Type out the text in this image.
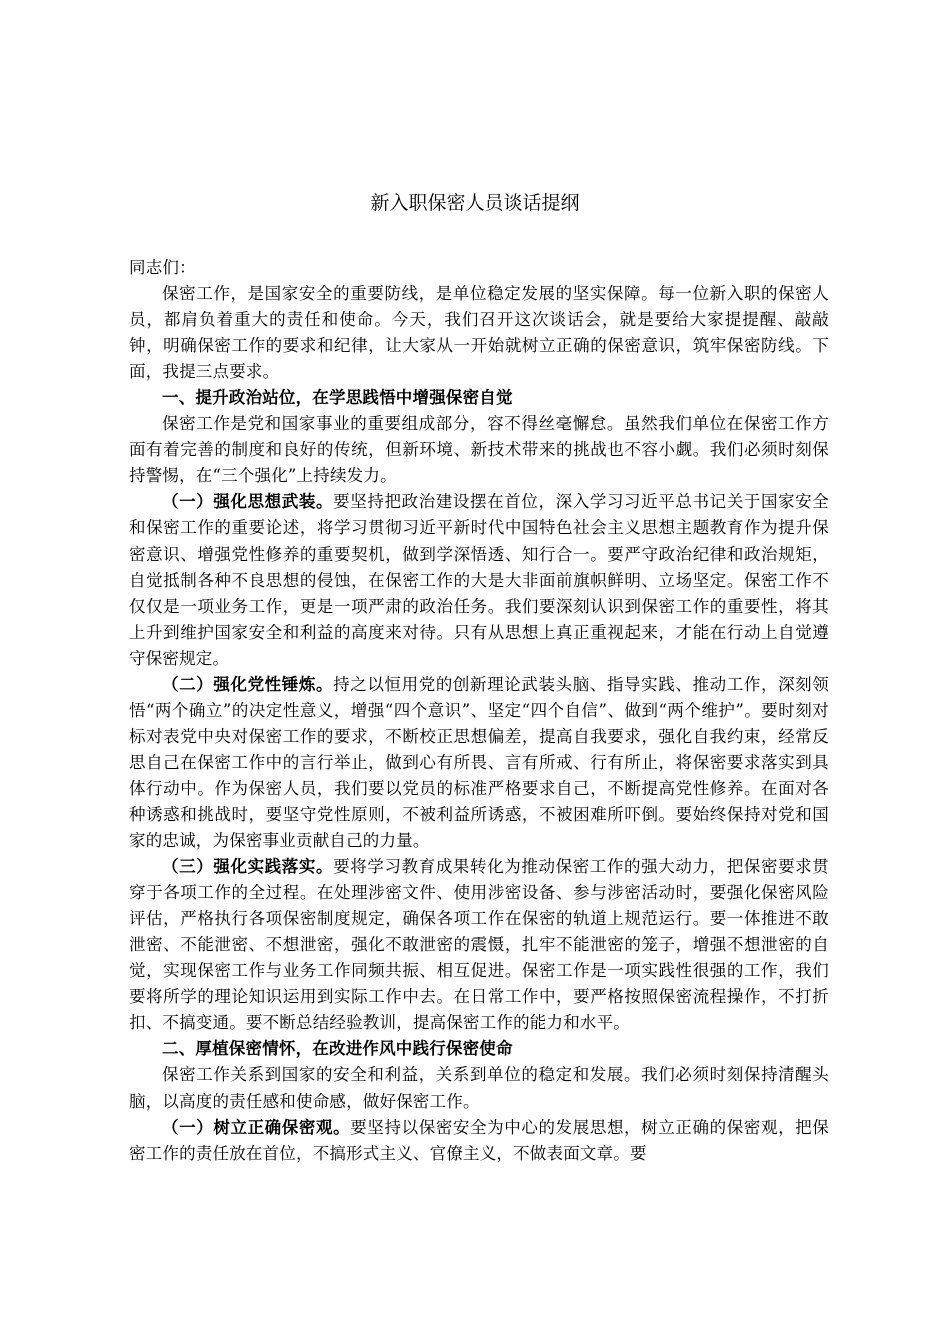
新入职保密人员谈话提纲

同志们：

保密工作，是国家安全的重要防线，是单位稳定发展的坚实保障。每一位新入职的保密人员，都肩负着重大的责任和使命。今天，我们召开这次谈话会，就是要给大家提提醒、敲敲钟，明确保密工作的要求和纪律，让大家从一开始就树立正确的保密意识，筑牢保密防线。下面，我提三点要求。

一、提升政治站位，在学思践悟中增强保密自觉

保密工作是党和国家事业的重要组成部分，容不得丝毫懈怠。虽然我们单位在保密工作方面有着完善的制度和良好的传统，但新环境、新技术带来的挑战也不容小觑。我们必须时刻保持警惕，在“三个强化”上持续发力。

（一）强化思想武装。要坚持把政治建设摆在首位，深入学习习近平总书记关于国家安全和保密工作的重要论述，将学习贯彻习近平新时代中国特色社会主义思想主题教育作为提升保密意识、增强党性修养的重要契机，做到学深悟透、知行合一。要严守政治纪律和政治规矩，自觉抵制各种不良思想的侵蚀，在保密工作的大是大非面前旗帜鲜明、立场坚定。保密工作不仅仅是一项业务工作，更是一项严肃的政治任务。我们要深刻认识到保密工作的重要性，将其上升到维护国家安全和利益的高度来对待。只有从思想上真正重视起来，才能在行动上自觉遵守保密规定。

（二）强化党性锤炼。持之以恒用党的创新理论武装头脑、指导实践、推动工作，深刻领悟“两个确立”的决定性意义，增强“四个意识”、坚定“四个自信”、做到“两个维护”。要时刻对标对表党中央对保密工作的要求，不断校正思想偏差，提高自我要求，强化自我约束，经常反思自己在保密工作中的言行举止，做到心有所畏、言有所戒、行有所止，将保密要求落实到具体行动中。作为保密人员，我们要以党员的标准严格要求自己，不断提高党性修养。在面对各种诱惑和挑战时，要坚守党性原则，不被利益所诱惑，不被困难所吓倒。要始终保持对党和国家的忠诚，为保密事业贡献自己的力量。

（三）强化实践落实。要将学习教育成果转化为推动保密工作的强大动力，把保密要求贯穿于各项工作的全过程。在处理涉密文件、使用涉密设备、参与涉密活动时，要强化保密风险评估，严格执行各项保密制度规定，确保各项工作在保密的轨道上规范运行。要一体推进不敢泄密、不能泄密、不想泄密，强化不敢泄密的震慑，扎牢不能泄密的笼子，增强不想泄密的自觉，实现保密工作与业务工作同频共振、相互促进。保密工作是一项实践性很强的工作，我们要将所学的理论知识运用到实际工作中去。在日常工作中，要严格按照保密流程操作，不打折扣、不搞变通。要不断总结经验教训，提高保密工作的能力和水平。

二、厚植保密情怀，在改进作风中践行保密使命

保密工作关系到国家的安全和利益，关系到单位的稳定和发展。我们必须时刻保持清醒头脑，以高度的责任感和使命感，做好保密工作。

（一）树立正确保密观。要坚持以保密安全为中心的发展思想，树立正确的保密观，把保密工作的责任放在首位，不搞形式主义、官僚主义，不做表面文章。要
